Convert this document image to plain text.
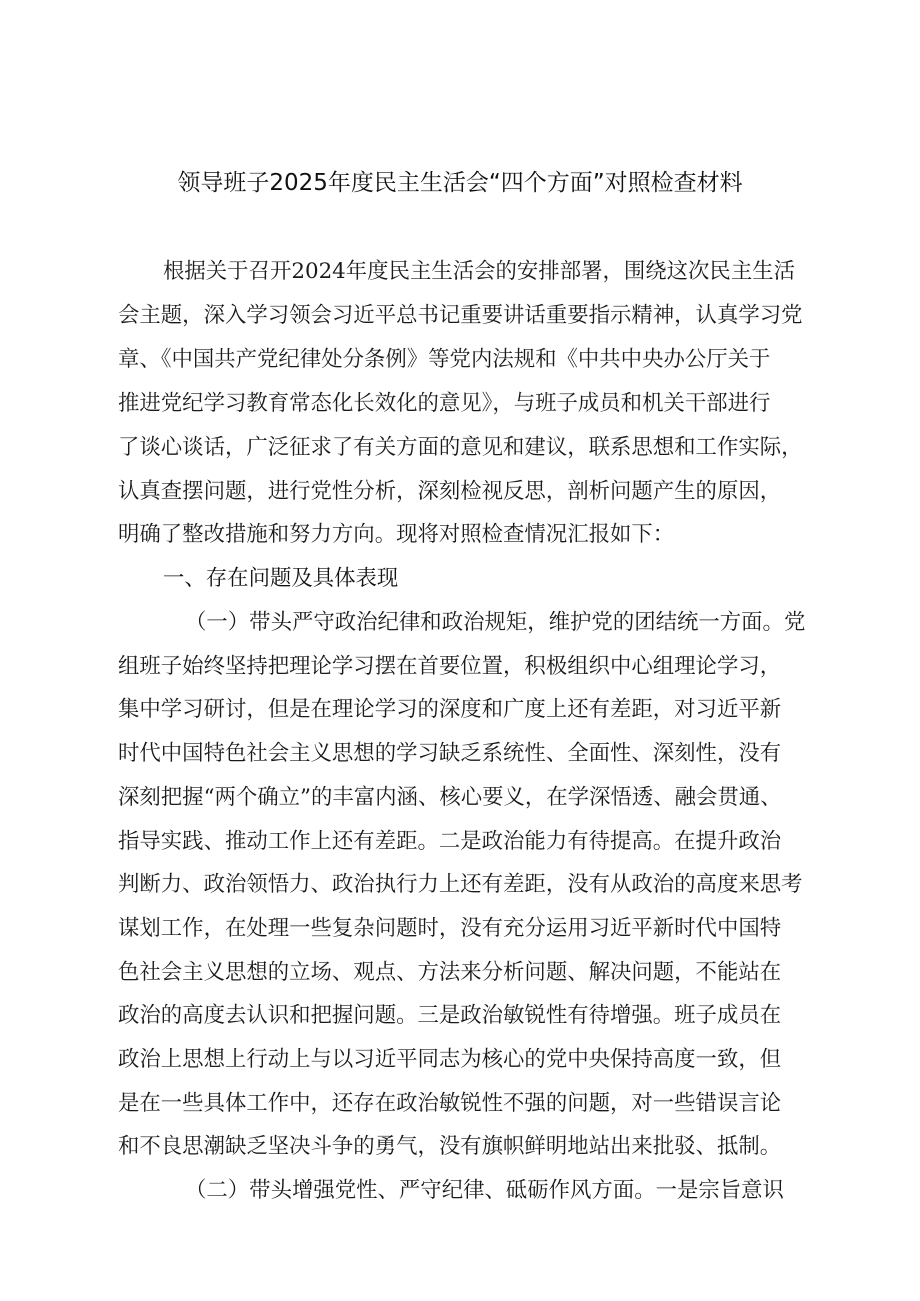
领导班子2025年度民主生活会“四个方面”对照检查材料
根据关于召开2024年度民主生活会的安排部署，围绕这次民主生活
会主题，深入学习领会习近平总书记重要讲话重要指示精神，认真学习党
章、《中国共产党纪律处分条例》等党内法规和《中共中央办公厅关于
推进党纪学习教育常态化长效化的意见》，与班子成员和机关干部进行
了谈心谈话，广泛征求了有关方面的意见和建议，联系思想和工作实际，
认真查摆问题，进行党性分析，深刻检视反思，剖析问题产生的原因，
明确了整改措施和努力方向。现将对照检查情况汇报如下：
一、存在问题及具体表现
（一）带头严守政治纪律和政治规矩，维护党的团结统一方面。党
组班子始终坚持把理论学习摆在首要位置，积极组织中心组理论学习，
集中学习研讨，但是在理论学习的深度和广度上还有差距，对习近平新
时代中国特色社会主义思想的学习缺乏系统性、全面性、深刻性，没有
深刻把握“两个确立”的丰富内涵、核心要义，在学深悟透、融会贯通、
指导实践、推动工作上还有差距。二是政治能力有待提高。在提升政治
判断力、政治领悟力、政治执行力上还有差距，没有从政治的高度来思考
谋划工作，在处理一些复杂问题时，没有充分运用习近平新时代中国特
色社会主义思想的立场、观点、方法来分析问题、解决问题，不能站在
政治的高度去认识和把握问题。三是政治敏锐性有待增强。班子成员在
政治上思想上行动上与以习近平同志为核心的党中央保持高度一致，但
是在一些具体工作中，还存在政治敏锐性不强的问题，对一些错误言论
和不良思潮缺乏坚决斗争的勇气，没有旗帜鲜明地站出来批驳、抵制。
（二）带头增强党性、严守纪律、砥砺作风方面。一是宗旨意识
